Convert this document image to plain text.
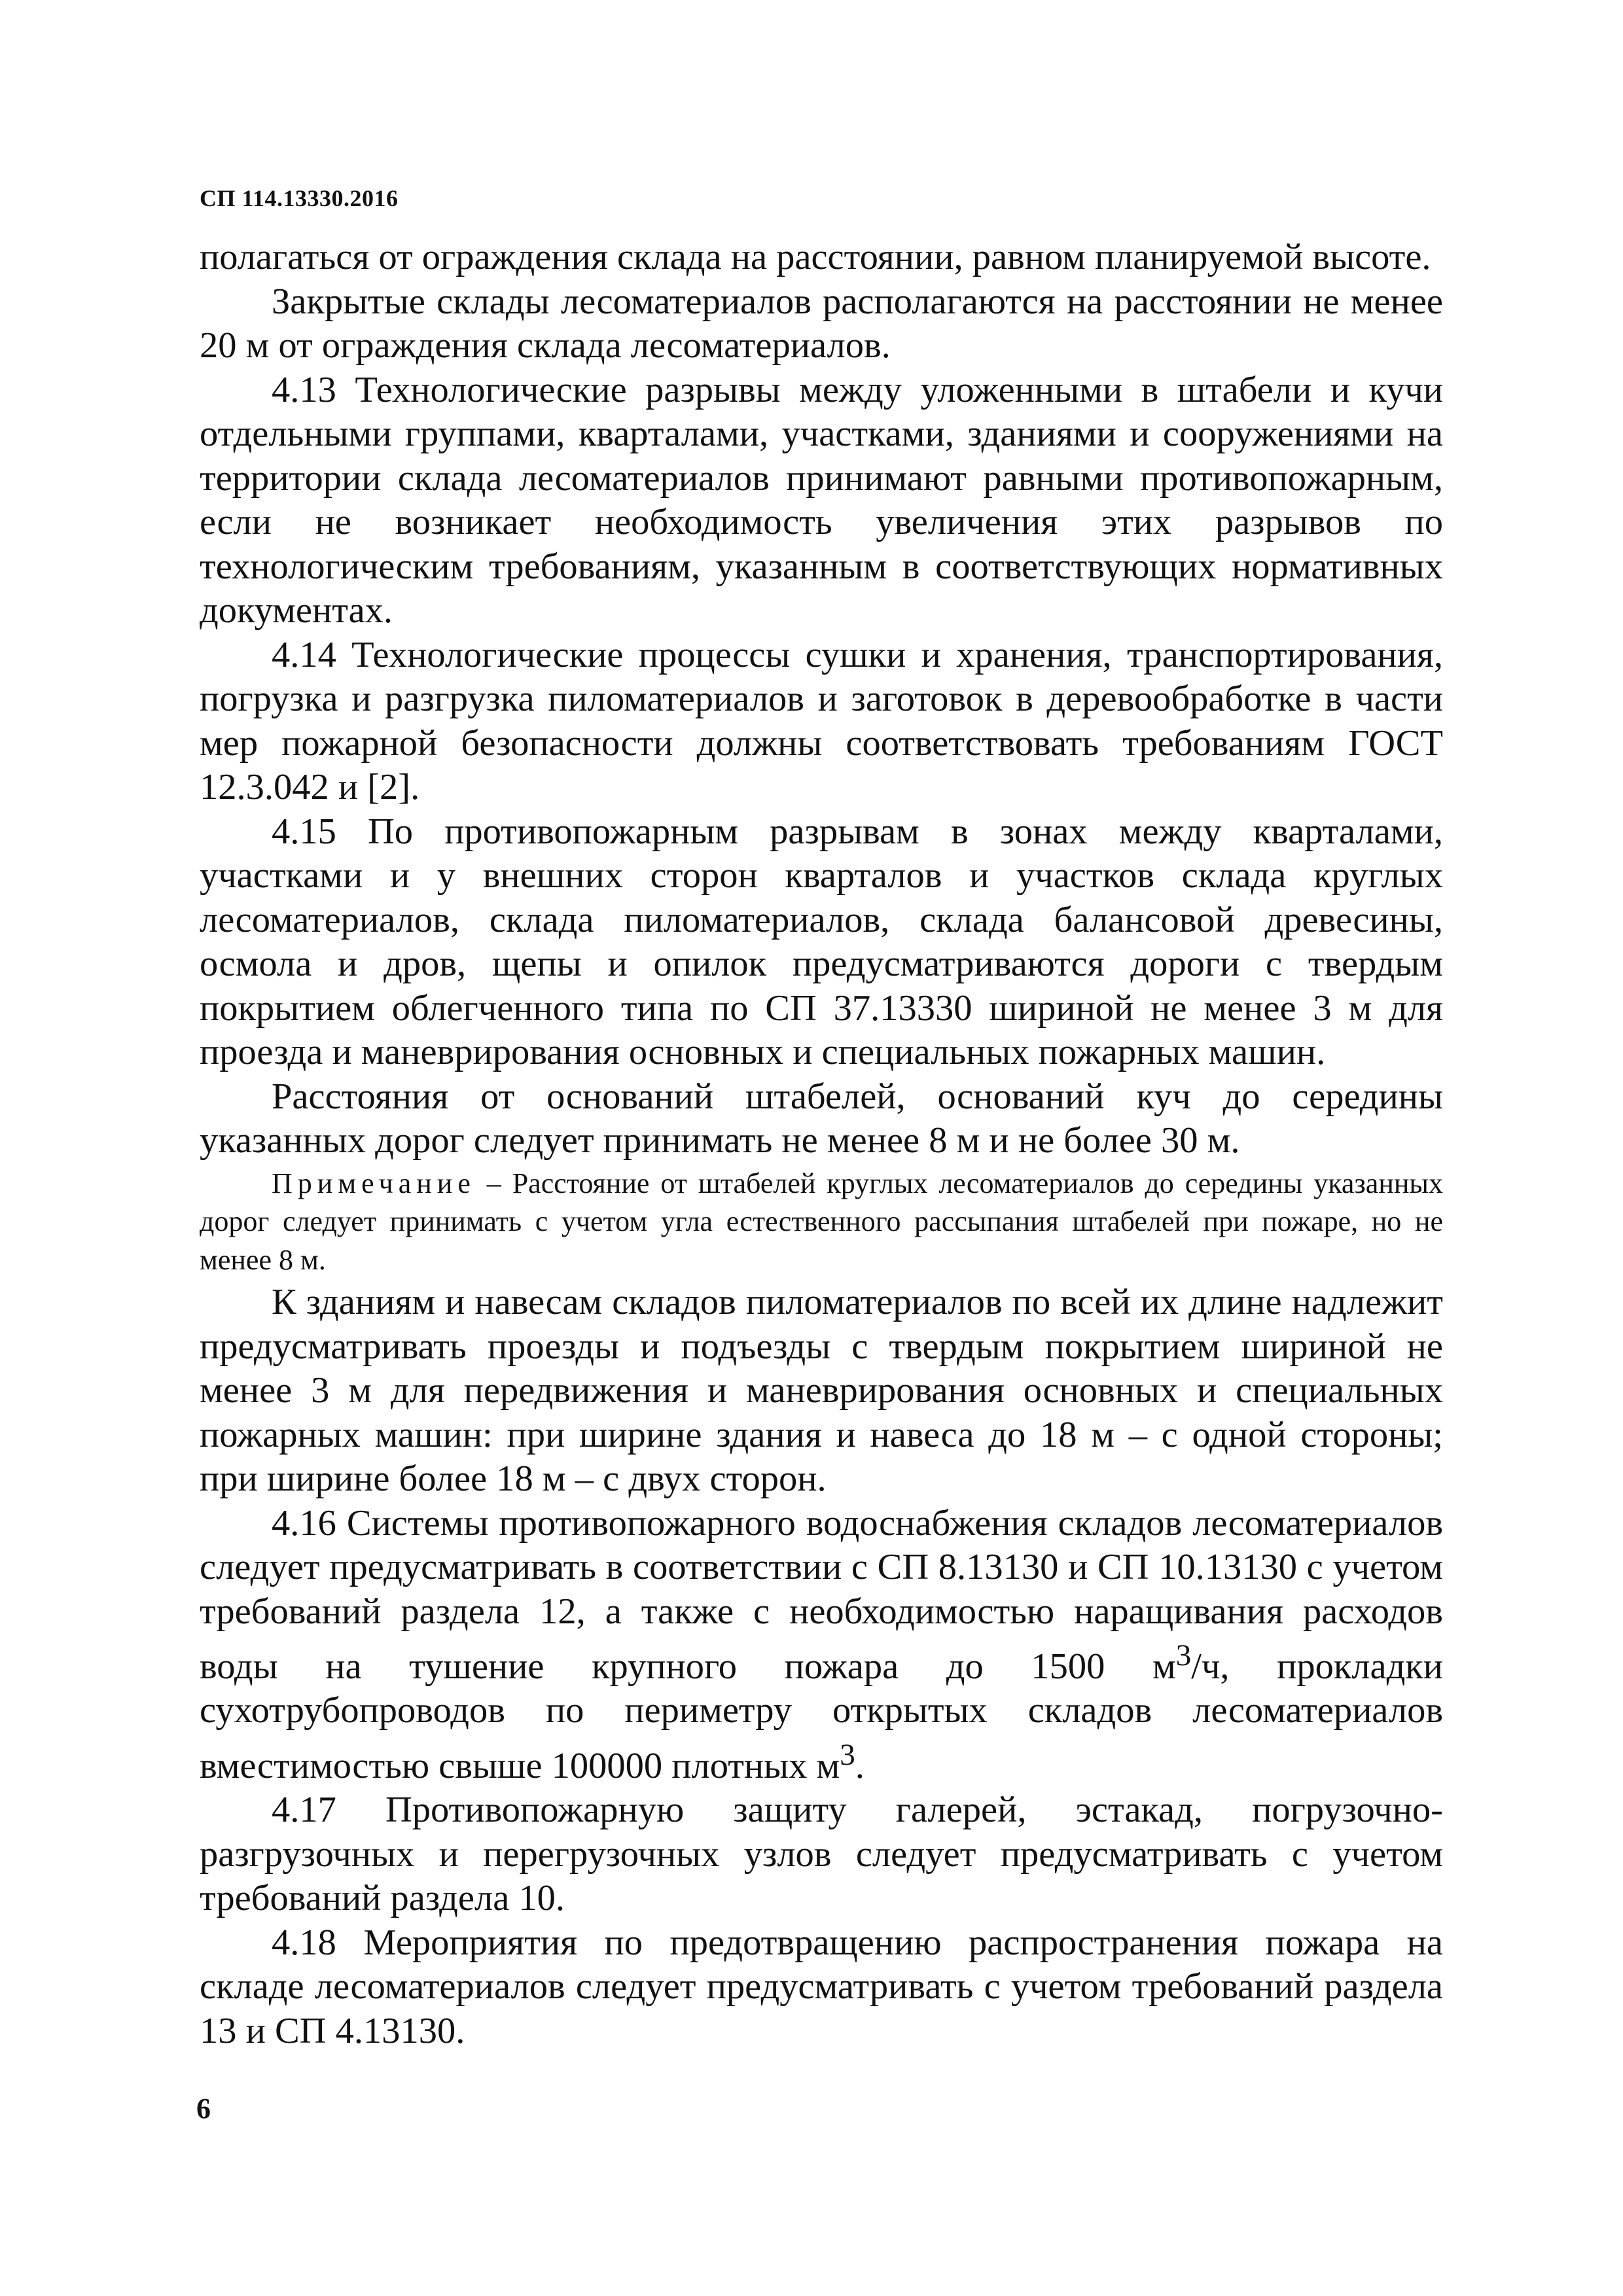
СП 114.13330.2016

полагаться от ограждения склада на расстоянии, равном планируемой высоте.

Закрытые склады лесоматериалов располагаются на расстоянии не менее 20 м от ограждения склада лесоматериалов.

4.13 Технологические разрывы между уложенными в штабели и кучи отдельными группами, кварталами, участками, зданиями и сооружениями на территории склада лесоматериалов принимают равными противопожарным, если не возникает необходимость увеличения этих разрывов по технологическим требованиям, указанным в соответствующих нормативных документах.

4.14 Технологические процессы сушки и хранения, транспортирования, погрузка и разгрузка пиломатериалов и заготовок в деревообработке в части мер пожарной безопасности должны соответствовать требованиям ГОСТ 12.3.042 и [2].

4.15 По противопожарным разрывам в зонах между кварталами, участками и у внешних сторон кварталов и участков склада круглых лесоматериалов, склада пиломатериалов, склада балансовой древесины, осмола и дров, щепы и опилок предусматриваются дороги с твердым покрытием облегченного типа по СП 37.13330 шириной не менее 3 м для проезда и маневрирования основных и специальных пожарных машин.

Расстояния от оснований штабелей, оснований куч до середины указанных дорог следует принимать не менее 8 м и не более 30 м.

Примечание – Расстояние от штабелей круглых лесоматериалов до середины указанных дорог следует принимать с учетом угла естественного рассыпания штабелей при пожаре, но не менее 8 м.

К зданиям и навесам складов пиломатериалов по всей их длине надлежит предусматривать проезды и подъезды с твердым покрытием шириной не менее 3 м для передвижения и маневрирования основных и специальных пожарных машин: при ширине здания и навеса до 18 м – с одной стороны; при ширине более 18 м – с двух сторон.

4.16 Системы противопожарного водоснабжения складов лесоматериалов следует предусматривать в соответствии с СП 8.13130 и СП 10.13130 с учетом требований раздела 12, а также с необходимостью наращивания расходов воды на тушение крупного пожара до 1500 $м^3/ч$, прокладки сухотрубопроводов по периметру открытых складов лесоматериалов вместимостью свыше 100000 плотных $м^3$.

4.17 Противопожарную защиту галерей, эстакад, погрузочно-разгрузочных и перегрузочных узлов следует предусматривать с учетом требований раздела 10.

4.18 Мероприятия по предотвращению распространения пожара на складе лесоматериалов следует предусматривать с учетом требований раздела 13 и СП 4.13130.

6
